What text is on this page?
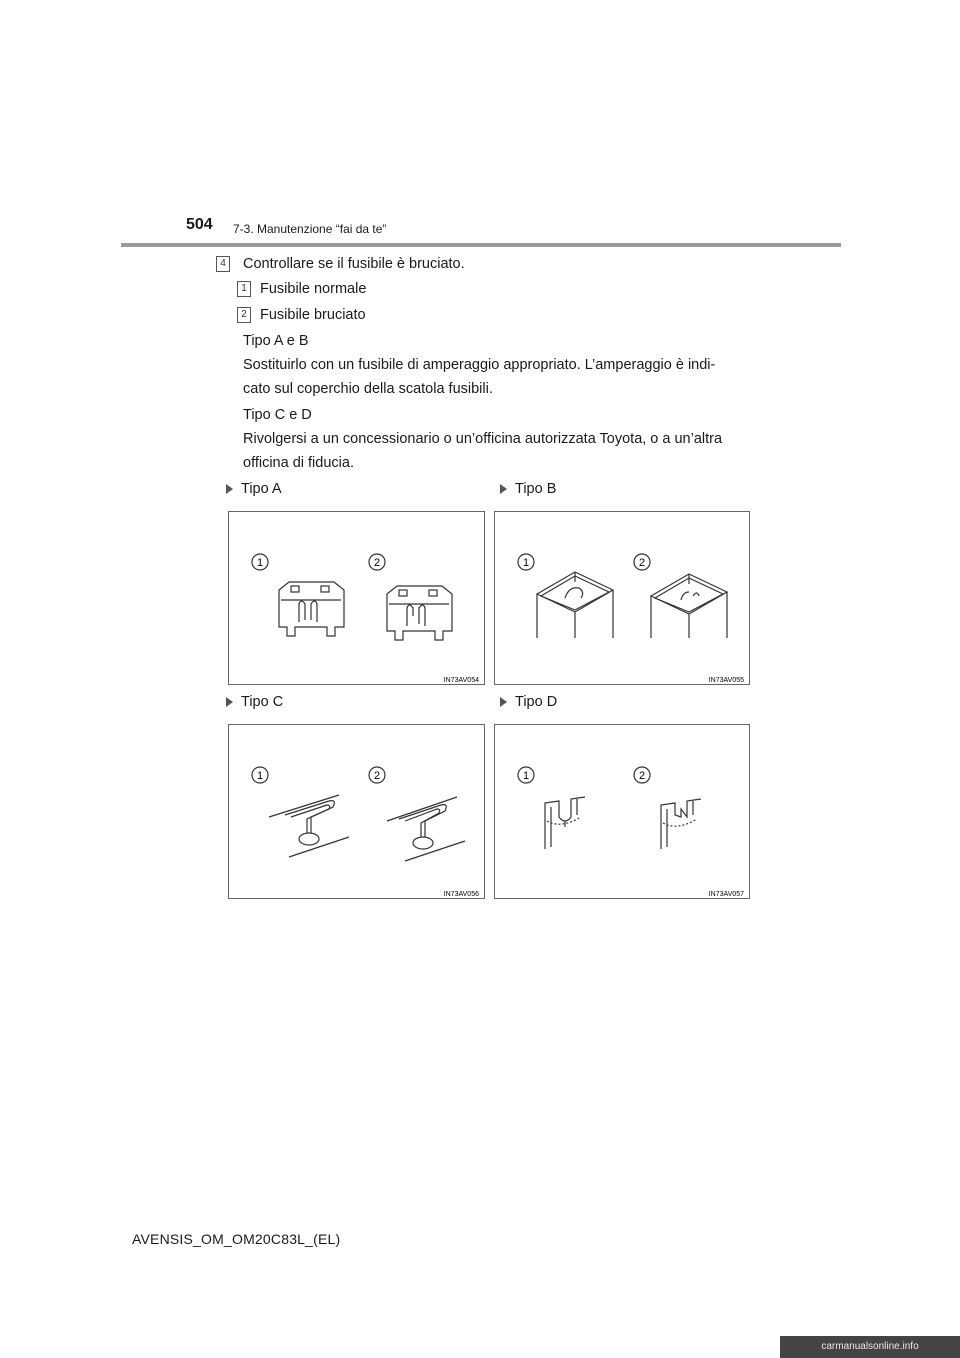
504 7-3. Manutenzione “fai da te”
4 Controllare se il fusibile è bruciato.
1 Fusibile normale
2 Fusibile bruciato
Tipo A e B
Sostituirlo con un fusibile di amperaggio appropriato. L’amperaggio è indi-
cato sul coperchio della scatola fusibili.
Tipo C e D
Rivolgersi a un concessionario o un’officina autorizzata Toyota, o a un’altra
officina di fiducia.
Tipo A	Tipo B
1	2
IN73AV054
1	2
IN73AV055
Tipo C	Tipo D
1	2
IN73AV056
1	2
IN73AV057
AVENSIS_OM_OM20C83L_(EL)
carmanualsonline.info
